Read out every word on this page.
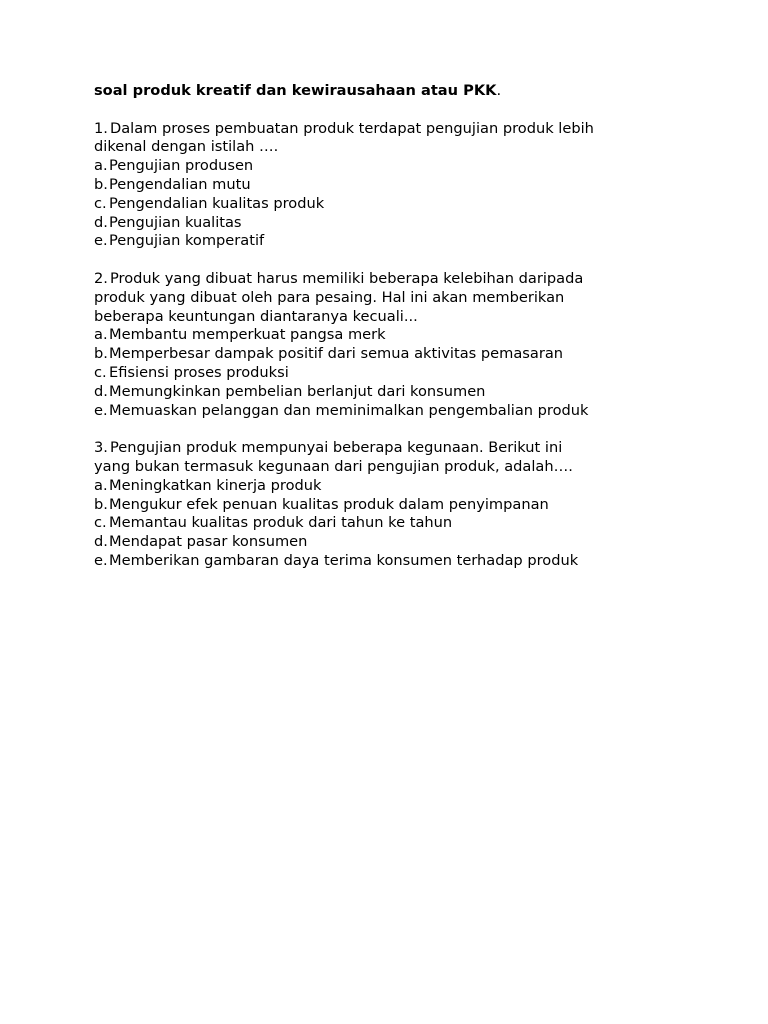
soal produk kreatif dan kewirausahaan atau PKK.

1. Dalam proses pembuatan produk terdapat pengujian produk lebih
dikenal dengan istilah ….
a. Pengujian produsen
b. Pengendalian mutu
c. Pengendalian kualitas produk
d. Pengujian kualitas
e. Pengujian komperatif
2. Produk yang dibuat harus memiliki beberapa kelebihan daripada
produk yang dibuat oleh para pesaing. Hal ini akan memberikan
beberapa keuntungan diantaranya kecuali...
a. Membantu memperkuat pangsa merk
b. Memperbesar dampak positif dari semua aktivitas pemasaran
c. Efisiensi proses produksi
d. Memungkinkan pembelian berlanjut dari konsumen
e. Memuaskan pelanggan dan meminimalkan pengembalian produk
3. Pengujian produk mempunyai beberapa kegunaan. Berikut ini
yang bukan termasuk kegunaan dari pengujian produk, adalah….
a. Meningkatkan kinerja produk
b. Mengukur efek penuan kualitas produk dalam penyimpanan
c. Memantau kualitas produk dari tahun ke tahun
d. Mendapat pasar konsumen
e. Memberikan gambaran daya terima konsumen terhadap produk
